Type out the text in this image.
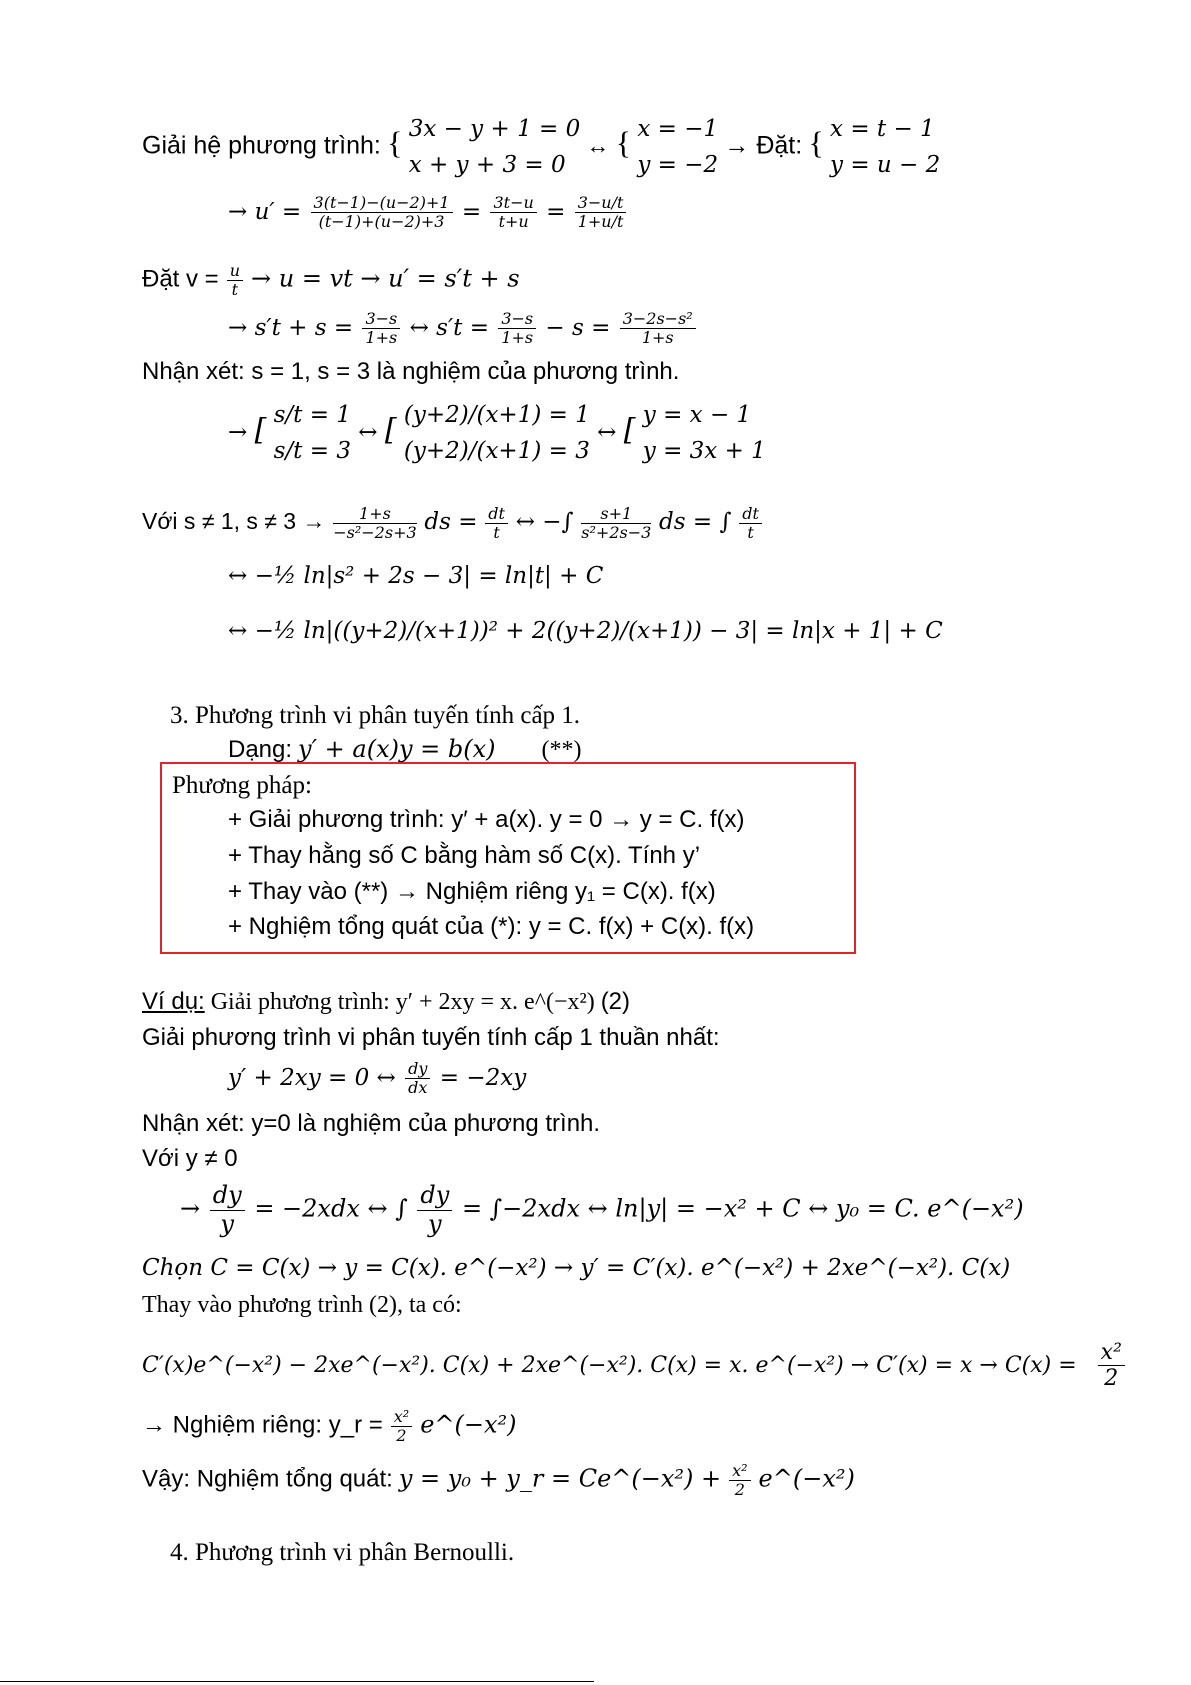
Giải hệ phương trình: { 3x − y + 1 = 0
x + y + 3 = 0
↔ { x = −1
y = −2
→ Đặt: { x = t − 1
y = u − 2
→ $u' = \frac{3(t-1)-(u-2)+1}{(t-1)+(u-2)+3} = \frac{3t-u}{t+u} = \frac{3-u/t}{1+u/t}$
Đặt $v = \frac{u}{t} \to u$ = vt → u′ = s′t + s
→ $s't + s = \frac{3-s}{1+s}$ ↔ $s't = \frac{3-s}{1+s} - s = \frac{\text{3−2s−s²}}{1+s}$
Nhận xét: s = 1, s = 3 là nghiệm của phương trình.
→ [ s/t = 1
s/t = 3
↔ [ (y+2)/(x+1) = 1
(y+2)/(x+1) = 3
↔ [ y = x − 1
y = 3x + 1
Với s ≠ 1, $s \ne 3 \to \frac{1+s}{\text{−s²−2s+3}}$ ds = $\frac{dt}{t}$ ↔ −∫ $\frac{s+1}{\text{s²+2s−3}}$ ds = ∫ $\frac{dt}{t}$
↔ −½ ln|s² + 2s − 3| = ln|t| + C
↔ −½ ln|((y+2)/(x+1))² + 2((y+2)/(x+1)) − 3| = ln|x + 1| + C
3. Phương trình vi phân tuyến tính cấp 1.
Dạng: y′ + a(x)y = b(x) (**)
Phương pháp:
+ Giải phương trình: y′ + a(x). y = 0 → y = C. f(x)
+ Thay hằng số C bằng hàm số C(x). Tính y’
+ Thay vào (**) → Nghiệm riêng y₁ = C(x). f(x)
+ Nghiệm tổng quát của (*): y = C. f(x) + C(x). f(x)
Ví dụ: Giải phương trình: y′ + 2xy = x. e^(−x²) (2)
Giải phương trình vi phân tuyến tính cấp 1 thuần nhất:
y′ + 2xy = 0 ↔ $\frac{dy}{dx} = -2xy$
Nhận xét: y=0 là nghiệm của phương trình.
Với y ≠ 0
→ $\frac{dy}{y} = -2xdx$ ↔ ∫ $\frac{dy}{y} = \int-2xdx$ ↔ ln|y| = −x² + C ↔ y₀ = C. e^(−x²)
Chọn C = C(x) → y = C(x). e^(−x²) → y′ = C′(x). e^(−x²) + 2xe^(−x²). C(x)
Thay vào phương trình (2), ta có:
C′(x)e^(−x²) − 2xe^(−x²). C(x) + 2xe^(−x²). C(x) = x. e^(−x²) → $C'(x) = x \to C(x) = \frac{\text{x²}}{2}$
→ Nghiệm riêng: y_r = $\frac{\text{x²}}{2}$ e^(−x²)
Vậy: Nghiệm tổng quát: y = y₀ + y_r = Ce^(−x²) + $\frac{\text{x²}}{2}$ e^(−x²)
4. Phương trình vi phân Bernoulli.
